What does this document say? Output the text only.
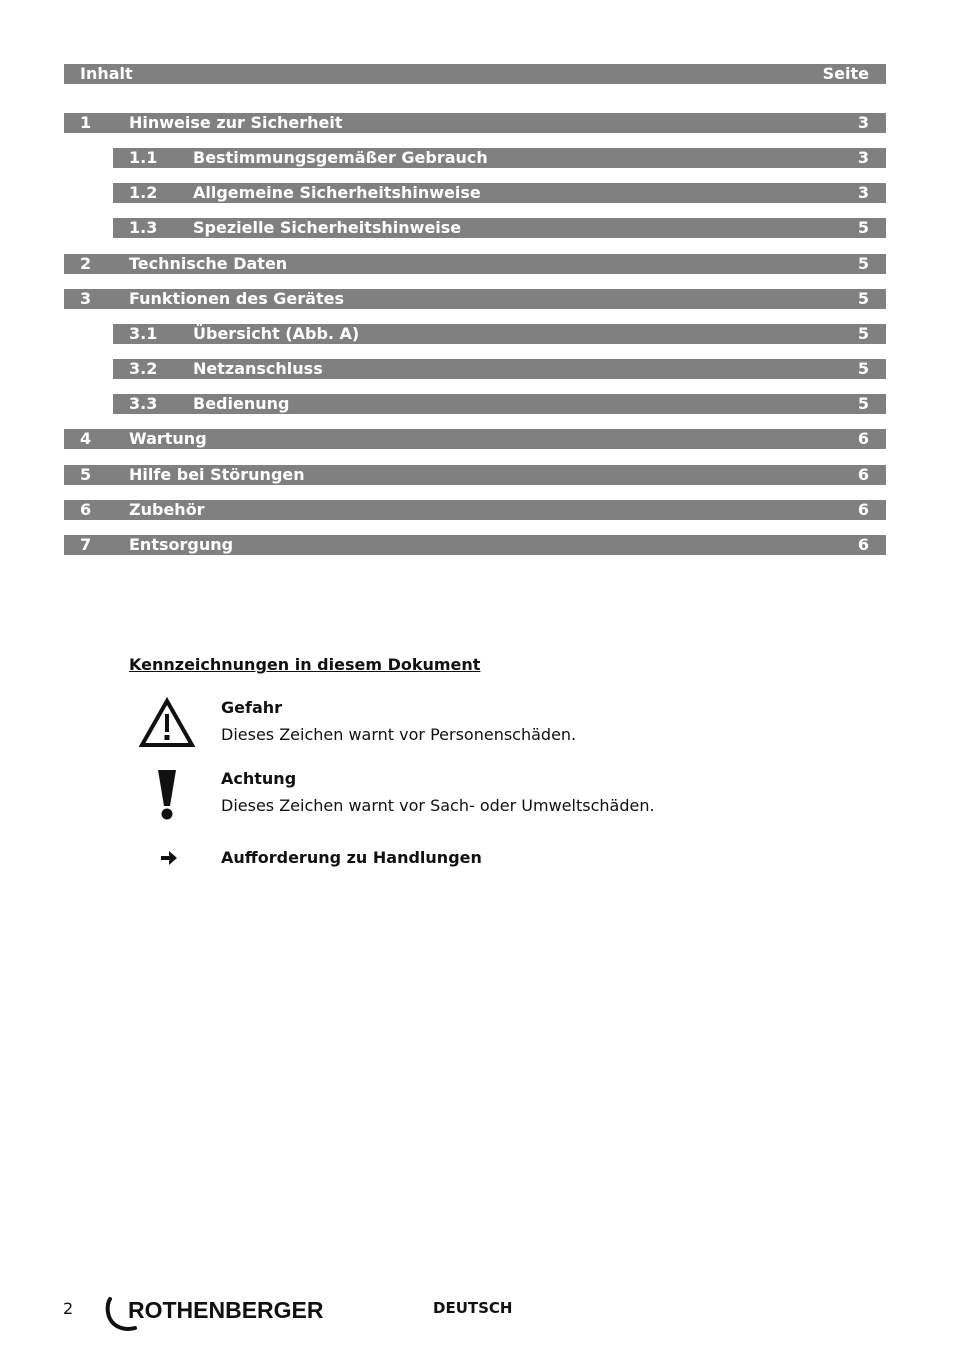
Inhalt	Seite
1 Hinweise zur Sicherheit	3
1.1 Bestimmungsgemäßer Gebrauch	3
1.2 Allgemeine Sicherheitshinweise	3
1.3 Spezielle Sicherheitshinweise	5
2 Technische Daten	5
3 Funktionen des Gerätes	5
3.1 Übersicht (Abb. A)	5
3.2 Netzanschluss	5
3.3 Bedienung	5
4 Wartung	6
5 Hilfe bei Störungen	6
6 Zubehör	6
7 Entsorgung	6
Kennzeichnungen in diesem Dokument
Gefahr
Dieses Zeichen warnt vor Personenschäden.
Achtung
Dieses Zeichen warnt vor Sach- oder Umweltschäden.
Aufforderung zu Handlungen
2 ROTHENBERGER	DEUTSCH
